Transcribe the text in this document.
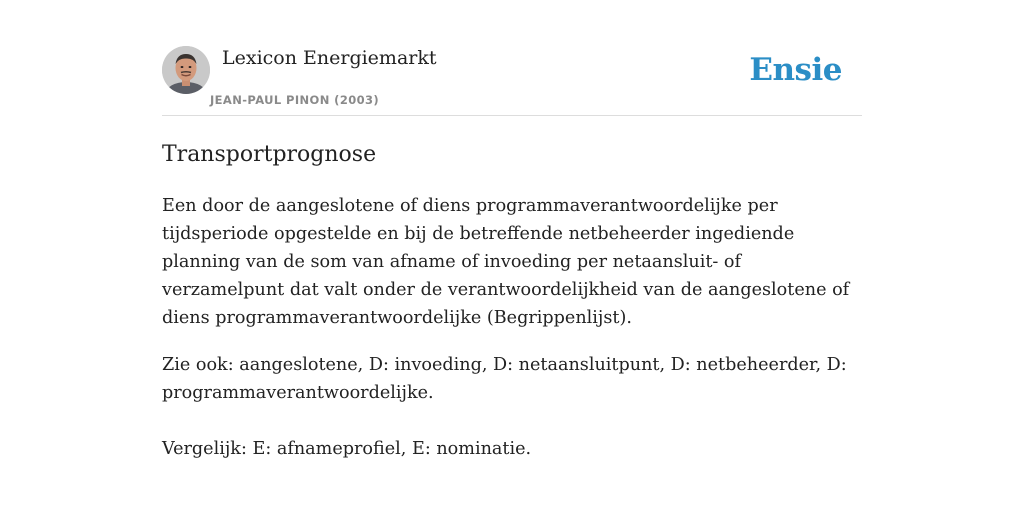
Lexicon Energiemarkt
JEAN-PAUL PINON (2003)
Ensie
Transportprognose

Een door de aangeslotene of diens programmaverantwoordelijke per tijdsperiode opgestelde en bij de betreffende netbeheerder ingediende planning van de som van afname of invoeding per netaansluit- of verzamelpunt dat valt onder de verantwoordelijkheid van de aangeslotene of diens programmaverantwoordelijke (Begrippenlijst).

Zie ook: aangeslotene, D: invoeding, D: netaansluitpunt, D: netbeheerder, D: programmaverantwoordelijke.

Vergelijk: E: afnameprofiel, E: nominatie.
